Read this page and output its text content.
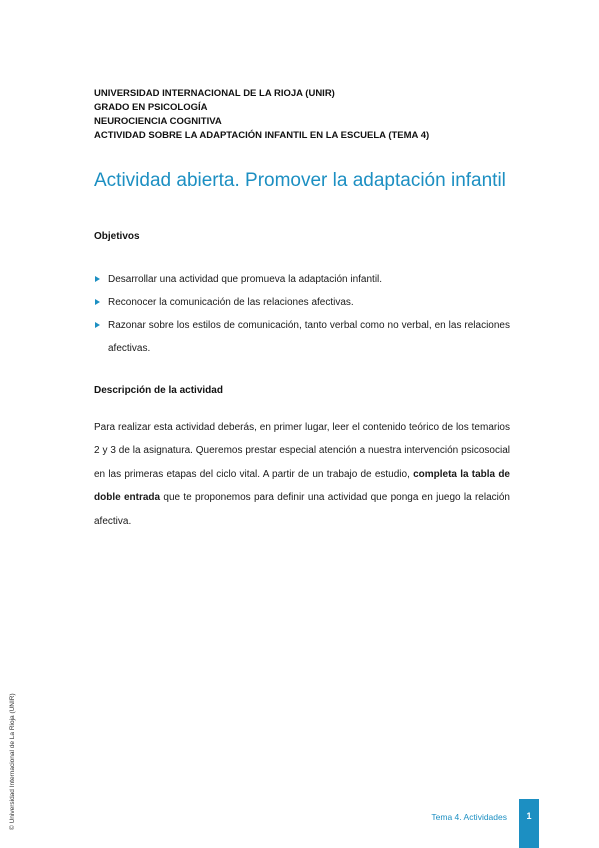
UNIVERSIDAD INTERNACIONAL DE LA RIOJA (UNIR)
GRADO EN PSICOLOGÍA
NEUROCIENCIA COGNITIVA
ACTIVIDAD SOBRE LA ADAPTACIÓN INFANTIL EN LA ESCUELA (TEMA 4)
Actividad abierta. Promover la adaptación infantil
Objetivos
Desarrollar una actividad que promueva la adaptación infantil.
Reconocer la comunicación de las relaciones afectivas.
Razonar sobre los estilos de comunicación, tanto verbal como no verbal, en las relaciones afectivas.
Descripción de la actividad

Para realizar esta actividad deberás, en primer lugar, leer el contenido teórico de los temarios 2 y 3 de la asignatura. Queremos prestar especial atención a nuestra intervención psicosocial en las primeras etapas del ciclo vital. A partir de un trabajo de estudio, completa la tabla de doble entrada que te proponemos para definir una actividad que ponga en juego la relación afectiva.

© Universidad Internacional de La Rioja (UNIR)	Tema 4. Actividades	1
